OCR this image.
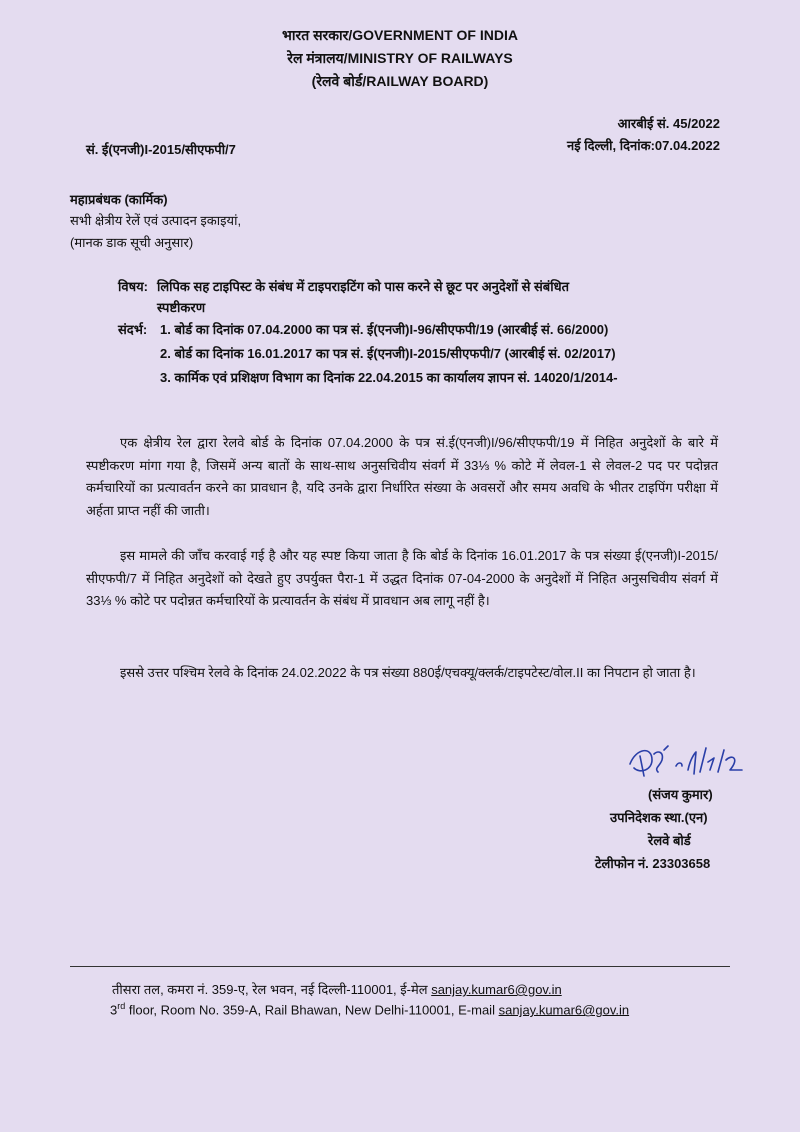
भारत सरकार/GOVERNMENT OF INDIA
रेल मंत्रालय/MINISTRY OF RAILWAYS
(रेलवे बोर्ड/RAILWAY BOARD)
आरबीई सं. 45/2022
सं. ई(एनजी)I-2015/सीएफपी/7	नई दिल्ली, दिनांक:07.04.2022
महाप्रबंधक (कार्मिक)
सभी क्षेत्रीय रेलें एवं उत्पादन इकाइयां,
(मानक डाक सूची अनुसार)
विषय: लिपिक सह टाइपिस्ट के संबंध में टाइपराइटिंग को पास करने से छूट पर अनुदेशों से संबंधित
स्पष्टीकरण
संदर्भ: 1. बोर्ड का दिनांक 07.04.2000 का पत्र सं. ई(एनजी)I-96/सीएफपी/19 (आरबीई सं. 66/2000)
2. बोर्ड का दिनांक 16.01.2017 का पत्र सं. ई(एनजी)I-2015/सीएफपी/7 (आरबीई सं. 02/2017)
3. कार्मिक एवं प्रशिक्षण विभाग का दिनांक 22.04.2015 का कार्यालय ज्ञापन सं. 14020/1/2014-
एक क्षेत्रीय रेल द्वारा रेलवे बोर्ड के दिनांक 07.04.2000 के पत्र सं.ई(एनजी)I/96/सीएफपी/19 में निहित अनुदेशों के बारे में स्पष्टीकरण मांगा गया है, जिसमें अन्य बातों के साथ-साथ अनुसचिवीय संवर्ग में 33⅓ % कोटे में लेवल-1 से लेवल-2 पद पर पदोन्नत कर्मचारियों का प्रत्यावर्तन करने का प्रावधान है, यदि उनके द्वारा निर्धारित संख्या के अवसरों और समय अवधि के भीतर टाइपिंग परीक्षा में अर्हता प्राप्त नहीं की जाती।
इस मामले की जाँच करवाई गई है और यह स्पष्ट किया जाता है कि बोर्ड के दिनांक 16.01.2017 के पत्र संख्या ई(एनजी)I-2015/सीएफपी/7 में निहित अनुदेशों को देखते हुए उपर्युक्त पैरा-1 में उद्धत दिनांक 07-04-2000 के अनुदेशों में निहित अनुसचिवीय संवर्ग में 33⅓ % कोटे पर पदोन्नत कर्मचारियों के प्रत्यावर्तन के संबंध में प्रावधान अब लागू नहीं है।
इससे उत्तर पश्चिम रेलवे के दिनांक 24.02.2022 के पत्र संख्या 880ई/एचक्यू/क्लर्क/टाइपटेस्ट/वोल.II का निपटान हो जाता है।
(संजय कुमार)
उपनिदेशक स्था.(एन)
रेलवे बोर्ड
टेलीफोन नं. 23303658
तीसरा तल, कमरा नं. 359-ए, रेल भवन, नई दिल्ली-110001, ई-मेल sanjay.kumar6@gov.in
3rd floor, Room No. 359-A, Rail Bhawan, New Delhi-110001, E-mail sanjay.kumar6@gov.in
